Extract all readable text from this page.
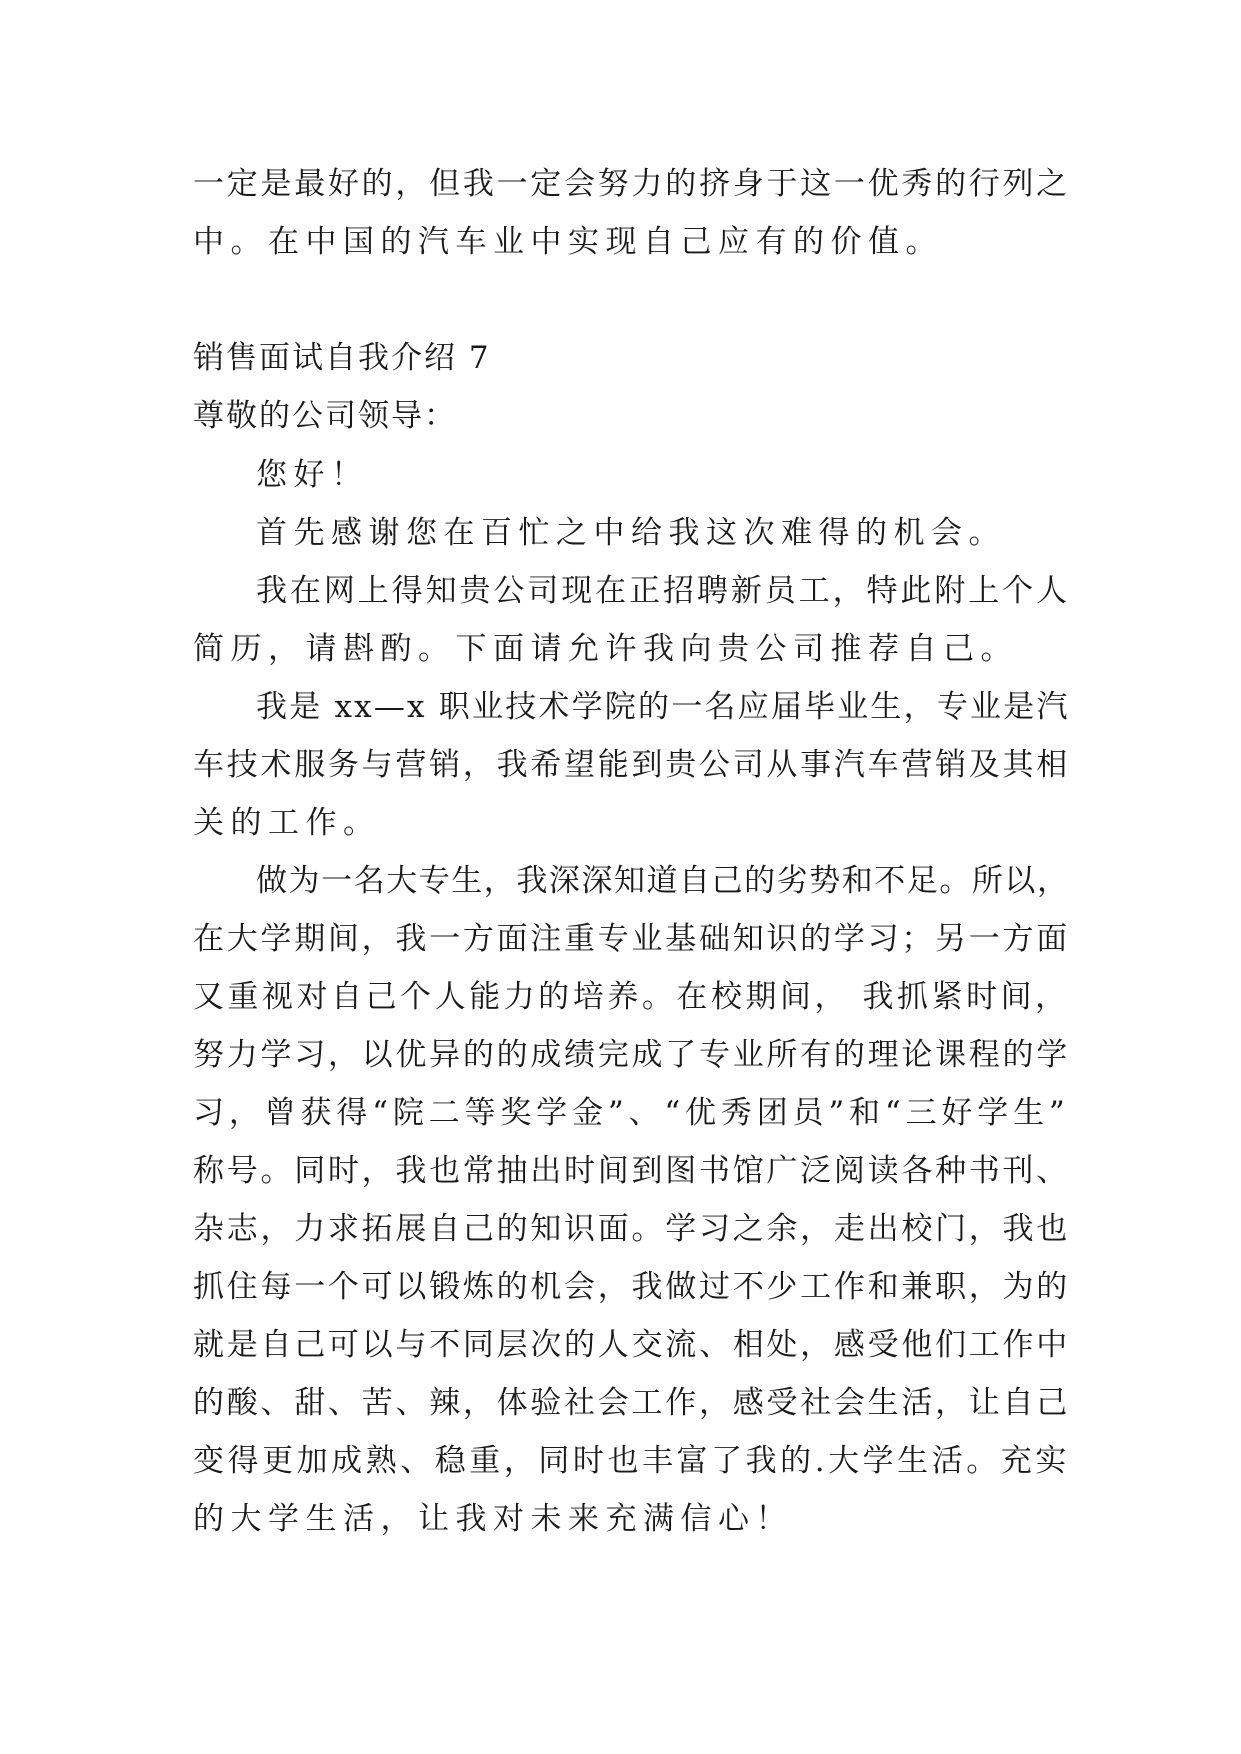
一定是最好的，但我一定会努力的挤身于这一优秀的行列之
中。在中国的汽车业中实现自己应有的价值。
销售面试自我介绍 7
尊敬的公司领导：
您好！
首先感谢您在百忙之中给我这次难得的机会。
我在网上得知贵公司现在正招聘新员工，特此附上个人
简历，请斟酌。下面请允许我向贵公司推荐自己。
我是 xx—x 职业技术学院的一名应届毕业生，专业是汽
车技术服务与营销，我希望能到贵公司从事汽车营销及其相
关的工作。
做为一名大专生，我深深知道自己的劣势和不足。所以，
在大学期间，我一方面注重专业基础知识的学习；另一方面
又重视对自己个人能力的培养。在校期间， 我抓紧时间，
努力学习，以优异的的成绩完成了专业所有的理论课程的学
习，曾获得“院二等奖学金”、“优秀团员”和“三好学生”
称号。同时，我也常抽出时间到图书馆广泛阅读各种书刊、
杂志，力求拓展自己的知识面。学习之余，走出校门，我也
抓住每一个可以锻炼的机会，我做过不少工作和兼职，为的
就是自己可以与不同层次的人交流、相处，感受他们工作中
的酸、甜、苦、辣，体验社会工作，感受社会生活，让自己
变得更加成熟、稳重，同时也丰富了我的.大学生活。充实
的大学生活，让我对未来充满信心！
